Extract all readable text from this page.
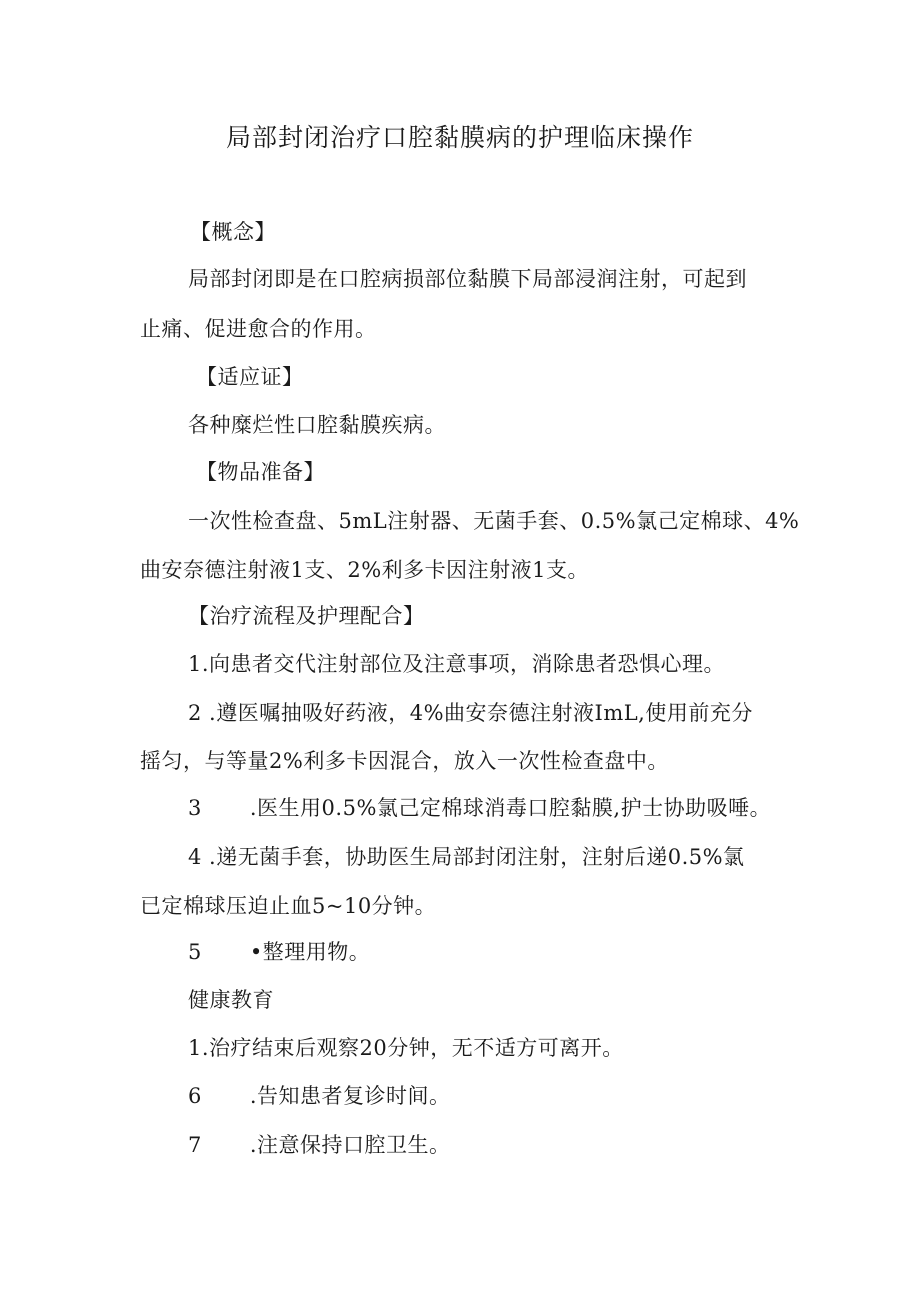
局部封闭治疗口腔黏膜病的护理临床操作
【概念】
局部封闭即是在口腔病损部位黏膜下局部浸润注射，可起到
止痛、促进愈合的作用。
【适应证】
各种糜烂性口腔黏膜疾病。
【物品准备】
一次性检查盘、5mL注射器、无菌手套、0.5%氯己定棉球、4%
曲安奈德注射液1支、2%利多卡因注射液1支。
【治疗流程及护理配合】
1.向患者交代注射部位及注意事项，消除患者恐惧心理。
2 .遵医嘱抽吸好药液，4%曲安奈德注射液ImL,使用前充分
摇匀，与等量2%利多卡因混合，放入一次性检查盘中。
3 .医生用0.5%氯己定棉球消毒口腔黏膜,护士协助吸唾。
4 .递无菌手套，协助医生局部封闭注射，注射后递0.5%氯
已定棉球压迫止血5~10分钟。
5 •整理用物。
健康教育
1.治疗结束后观察20分钟，无不适方可离开。
6 .告知患者复诊时间。
7 .注意保持口腔卫生。
